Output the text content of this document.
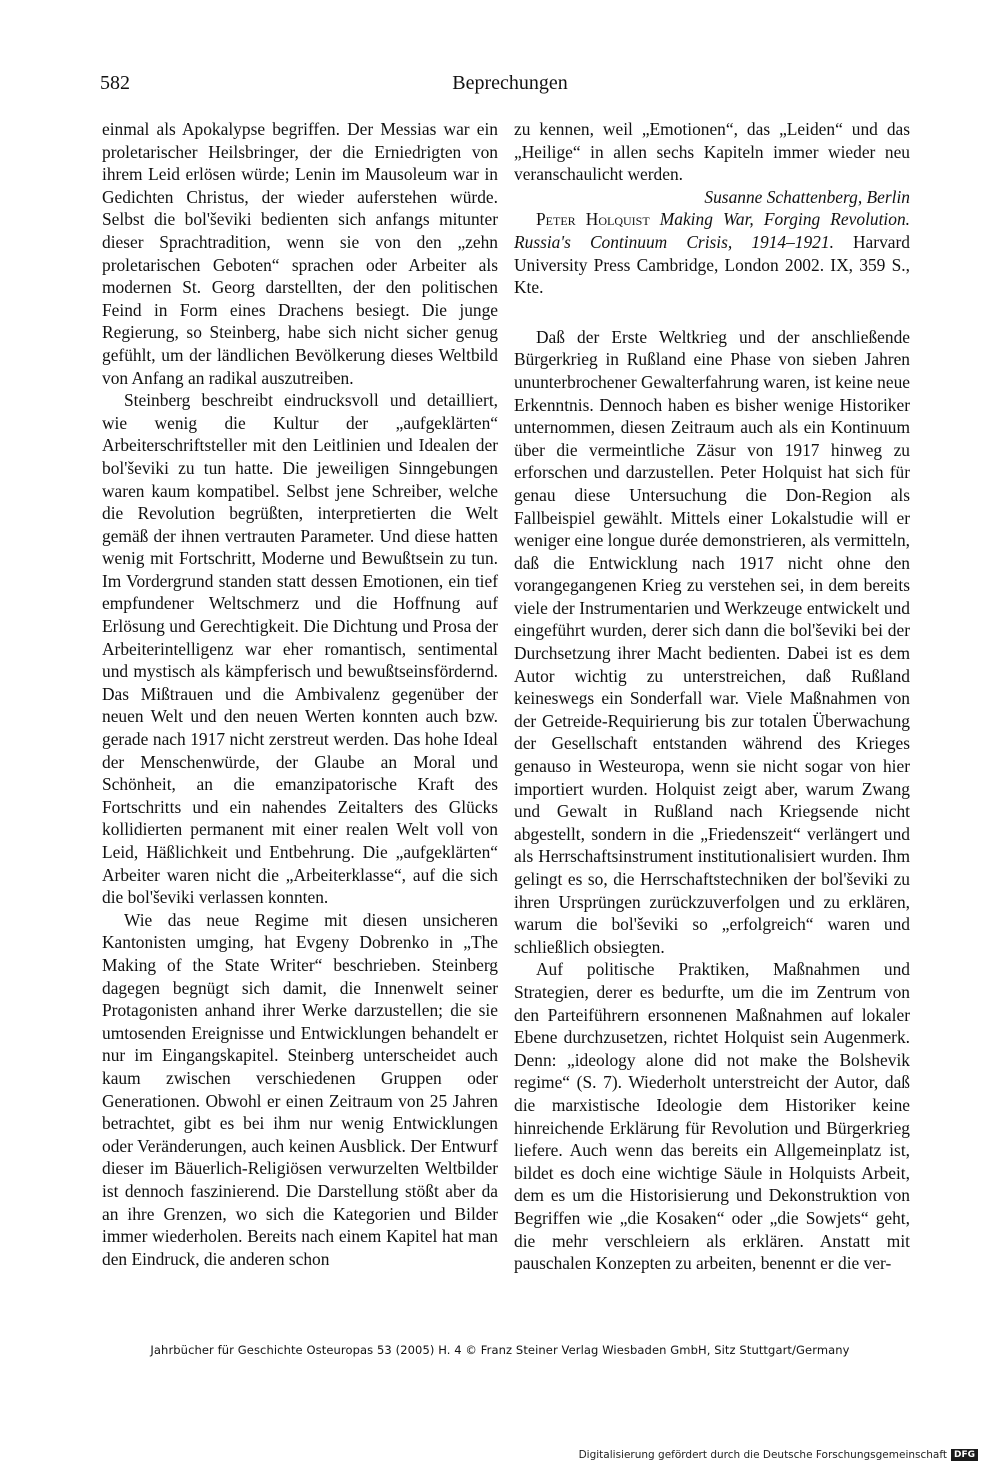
582	Beprechungen

einmal als Apokalypse begriffen. Der Messias war ein proletarischer Heilsbringer, der die Erniedrigten von ihrem Leid erlösen würde; Lenin im Mausoleum war in Gedichten Christus, der wieder auferstehen würde. Selbst die bol'ševiki bedienten sich anfangs mitunter dieser Sprachtradition, wenn sie von den „zehn proletarischen Geboten“ sprachen oder Arbeiter als modernen St. Georg darstellten, der den politischen Feind in Form eines Drachens besiegt. Die junge Regierung, so Steinberg, habe sich nicht sicher genug gefühlt, um der ländlichen Bevölkerung dieses Weltbild von Anfang an radikal auszutreiben.

Steinberg beschreibt eindrucksvoll und detailliert, wie wenig die Kultur der „aufgeklärten“ Arbeiterschriftsteller mit den Leitlinien und Idealen der bol'ševiki zu tun hatte. Die jeweiligen Sinngebungen waren kaum kompatibel. Selbst jene Schreiber, welche die Revolution begrüßten, interpretierten die Welt gemäß der ihnen vertrauten Parameter. Und diese hatten wenig mit Fortschritt, Moderne und Bewußtsein zu tun. Im Vordergrund standen statt dessen Emotionen, ein tief empfundener Weltschmerz und die Hoffnung auf Erlösung und Gerechtigkeit. Die Dichtung und Prosa der Arbeiterintelligenz war eher romantisch, sentimental und mystisch als kämpferisch und bewußtseinsfördernd. Das Mißtrauen und die Ambivalenz gegenüber der neuen Welt und den neuen Werten konnten auch bzw. gerade nach 1917 nicht zerstreut werden. Das hohe Ideal der Menschenwürde, der Glaube an Moral und Schönheit, an die emanzipatorische Kraft des Fortschritts und ein nahendes Zeitalters des Glücks kollidierten permanent mit einer realen Welt voll von Leid, Häßlichkeit und Entbehrung. Die „aufgeklärten“ Arbeiter waren nicht die „Arbeiterklasse“, auf die sich die bol'ševiki verlassen konnten.

Wie das neue Regime mit diesen unsicheren Kantonisten umging, hat Evgeny Dobrenko in „The Making of the State Writer“ beschrieben. Steinberg dagegen begnügt sich damit, die Innenwelt seiner Protagonisten anhand ihrer Werke darzustellen; die sie umtosenden Ereignisse und Entwicklungen behandelt er nur im Eingangskapitel. Steinberg unterscheidet auch kaum zwischen verschiedenen Gruppen oder Generationen. Obwohl er einen Zeitraum von 25 Jahren betrachtet, gibt es bei ihm nur wenig Entwicklungen oder Veränderungen, auch keinen Ausblick. Der Entwurf dieser im Bäuerlich-Religiösen verwurzelten Weltbilder ist dennoch faszinierend. Die Darstellung stößt aber da an ihre Grenzen, wo sich die Kategorien und Bilder immer wiederholen. Bereits nach einem Kapitel hat man den Eindruck, die anderen schon

zu kennen, weil „Emotionen“, das „Leiden“ und das „Heilige“ in allen sechs Kapiteln immer wieder neu veranschaulicht werden.

Susanne Schattenberg, Berlin

Peter Holquist Making War, Forging Revolution. Russia's Continuum Crisis, 1914–1921. Harvard University Press Cambridge, London 2002. IX, 359 S., Kte.

Daß der Erste Weltkrieg und der anschließende Bürgerkrieg in Rußland eine Phase von sieben Jahren ununterbrochener Gewalterfahrung waren, ist keine neue Erkenntnis. Dennoch haben es bisher wenige Historiker unternommen, diesen Zeitraum auch als ein Kontinuum über die vermeintliche Zäsur von 1917 hinweg zu erforschen und darzustellen. Peter Holquist hat sich für genau diese Untersuchung die Don-Region als Fallbeispiel gewählt. Mittels einer Lokalstudie will er weniger eine longue durée demonstrieren, als vermitteln, daß die Entwicklung nach 1917 nicht ohne den vorangegangenen Krieg zu verstehen sei, in dem bereits viele der Instrumentarien und Werkzeuge entwickelt und eingeführt wurden, derer sich dann die bol'ševiki bei der Durchsetzung ihrer Macht bedienten. Dabei ist es dem Autor wichtig zu unterstreichen, daß Rußland keineswegs ein Sonderfall war. Viele Maßnahmen von der Getreide-Requirierung bis zur totalen Überwachung der Gesellschaft entstanden während des Krieges genauso in Westeuropa, wenn sie nicht sogar von hier importiert wurden. Holquist zeigt aber, warum Zwang und Gewalt in Rußland nach Kriegsende nicht abgestellt, sondern in die „Friedenszeit“ verlängert und als Herrschaftsinstrument institutionalisiert wurden. Ihm gelingt es so, die Herrschaftstechniken der bol'ševiki zu ihren Ursprüngen zurückzuverfolgen und zu erklären, warum die bol'ševiki so „erfolgreich“ waren und schließlich obsiegten.

Auf politische Praktiken, Maßnahmen und Strategien, derer es bedurfte, um die im Zentrum von den Parteiführern ersonnenen Maßnahmen auf lokaler Ebene durchzusetzen, richtet Holquist sein Augenmerk. Denn: „ideology alone did not make the Bolshevik regime“ (S. 7). Wiederholt unterstreicht der Autor, daß die marxistische Ideologie dem Historiker keine hinreichende Erklärung für Revolution und Bürgerkrieg liefere. Auch wenn das bereits ein Allgemeinplatz ist, bildet es doch eine wichtige Säule in Holquists Arbeit, dem es um die Historisierung und Dekonstruktion von Begriffen wie „die Kosaken“ oder „die Sowjets“ geht, die mehr verschleiern als erklären. Anstatt mit pauschalen Konzepten zu arbeiten, benennt er die ver-

Jahrbücher für Geschichte Osteuropas 53 (2005) H. 4 © Franz Steiner Verlag Wiesbaden GmbH, Sitz Stuttgart/Germany
Digitalisierung gefördert durch die Deutsche Forschungsgemeinschaft DFG
